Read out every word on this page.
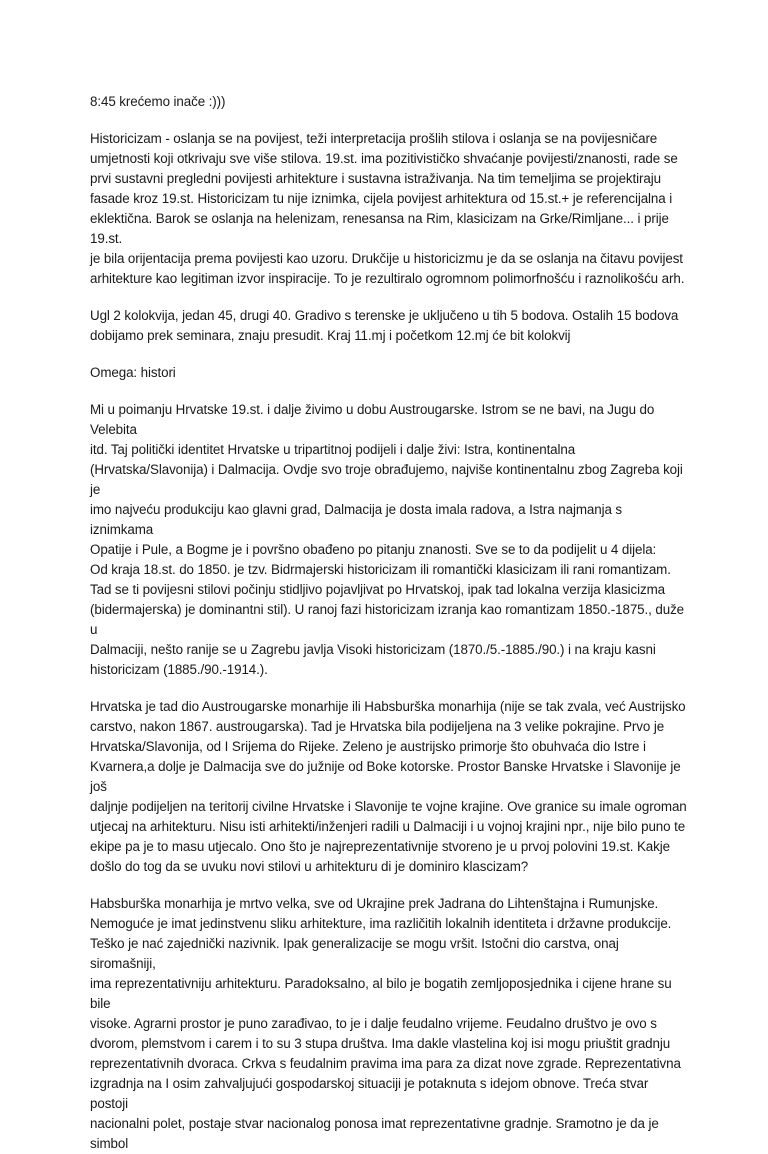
8:45 krećemo inače :)))

Historicizam - oslanja se na povijest, teži interpretacija prošlih stilova i oslanja se na povijesničare
umjetnosti koji otkrivaju sve više stilova. 19.st. ima pozitivističko shvaćanje povijesti/znanosti, rade se
prvi sustavni pregledni povijesti arhitekture i sustavna istraživanja. Na tim temeljima se projektiraju
fasade kroz 19.st. Historicizam tu nije iznimka, cijela povijest arhitektura od 15.st.+ je referencijalna i
eklektična. Barok se oslanja na helenizam, renesansa na Rim, klasicizam na Grke/Rimljane... i prije 19.st.
je bila orijentacija prema povijesti kao uzoru. Drukčije u historicizmu je da se oslanja na čitavu povijest
arhitekture kao legitiman izvor inspiracije. To je rezultiralo ogromnom polimorfnošću i raznolikošću arh.

Ugl 2 kolokvija, jedan 45, drugi 40. Gradivo s terenske je uključeno u tih 5 bodova. Ostalih 15 bodova
dobijamo prek seminara, znaju presudit. Kraj 11.mj i početkom 12.mj će bit kolokvij

Omega: histori

Mi u poimanju Hrvatske 19.st. i dalje živimo u dobu Austrougarske. Istrom se ne bavi, na Jugu do Velebita
itd. Taj politički identitet Hrvatske u tripartitnoj podijeli i dalje živi: Istra, kontinentalna
(Hrvatska/Slavonija) i Dalmacija. Ovdje svo troje obrađujemo, najviše kontinentalnu zbog Zagreba koji je
imo najveću produkciju kao glavni grad, Dalmacija je dosta imala radova, a Istra najmanja s iznimkama
Opatije i Pule, a Bogme je i površno obađeno po pitanju znanosti. Sve se to da podijelit u 4 dijela:
Od kraja 18.st. do 1850. je tzv. Bidrmajerski historicizam ili romantički klasicizam ili rani romantizam.
Tad se ti povijesni stilovi počinju stidljivo pojavljivat po Hrvatskoj, ipak tad lokalna verzija klasicizma
(bidermajerska) je dominantni stil). U ranoj fazi historicizam izranja kao romantizam 1850.-1875., duže u
Dalmaciji, nešto ranije se u Zagrebu javlja Visoki historicizam (1870./5.-1885./90.) i na kraju kasni
historicizam (1885./90.-1914.).

Hrvatska je tad dio Austrougarske monarhije ili Habsburška monarhija (nije se tak zvala, već Austrijsko
carstvo, nakon 1867. austrougarska). Tad je Hrvatska bila podijeljena na 3 velike pokrajine. Prvo je
Hrvatska/Slavonija, od I Srijema do Rijeke. Zeleno je austrijsko primorje što obuhvaća dio Istre i
Kvarnera,a dolje je Dalmacija sve do južnije od Boke kotorske. Prostor Banske Hrvatske i Slavonije je još
daljnje podijeljen na teritorij civilne Hrvatske i Slavonije te vojne krajine. Ove granice su imale ogroman
utjecaj na arhitekturu. Nisu isti arhitekti/inženjeri radili u Dalmaciji i u vojnoj krajini npr., nije bilo puno te
ekipe pa je to masu utjecalo. Ono što je najreprezentativnije stvoreno je u prvoj polovini 19.st. Kakje
došlo do tog da se uvuku novi stilovi u arhitekturu di je dominiro klascizam?

Habsburška monarhija je mrtvo velka, sve od Ukrajine prek Jadrana do Lihtenštajna i Rumunjske.
Nemoguće je imat jedinstvenu sliku arhitekture, ima različitih lokalnih identiteta i državne produkcije.
Teško je nać zajednički nazivnik. Ipak generalizacije se mogu vršit. Istočni dio carstva, onaj siromašniji,
ima reprezentativniju arhitekturu. Paradoksalno, al bilo je bogatih zemljoposjednika i cijene hrane su bile
visoke. Agrarni prostor je puno zarađivao, to je i dalje feudalno vrijeme. Feudalno društvo je ovo s
dvorom, plemstvom i carem i to su 3 stupa društva. Ima dakle vlastelina koj isi mogu priuštit gradnju
reprezentativnih dvoraca. Crkva s feudalnim pravima ima para za dizat nove zgrade. Reprezentativna
izgradnja na I osim zahvaljujući gospodarskoj situaciji je potaknuta s idejom obnove. Treća stvar postoji
nacionalni polet, postaje stvar nacionalog ponosa imat reprezentativne gradnje. Sramotno je da je simbol
